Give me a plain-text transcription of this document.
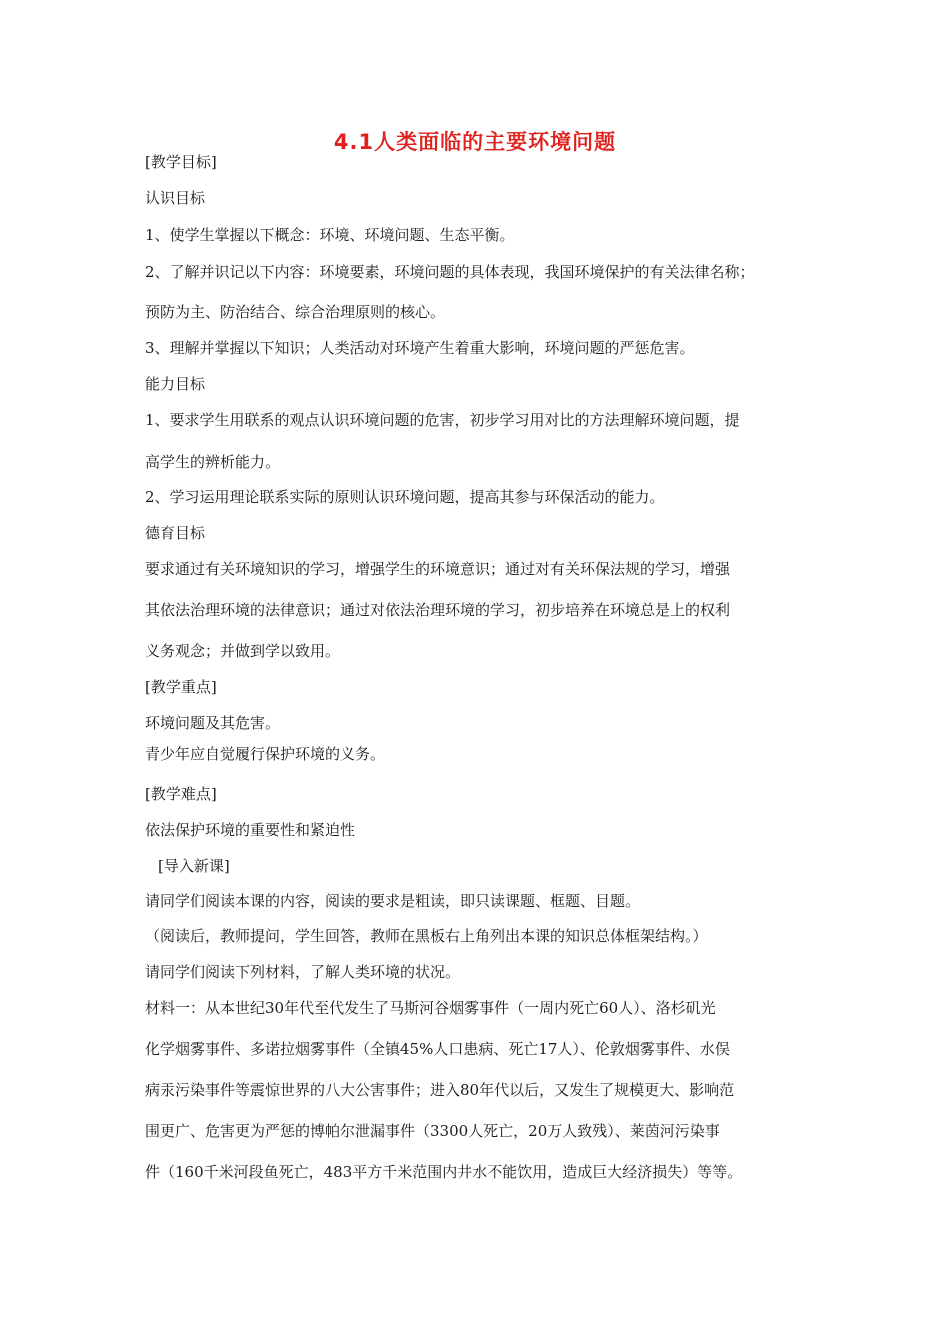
4.1人类面临的主要环境问题
[教学目标]
认识目标
1、使学生掌握以下概念：环境、环境问题、生态平衡。
2、了解并识记以下内容：环境要素，环境问题的具体表现，我国环境保护的有关法律名称；
预防为主、防治结合、综合治理原则的核心。
3、理解并掌握以下知识；人类活动对环境产生着重大影响，环境问题的严惩危害。
能力目标
1、要求学生用联系的观点认识环境问题的危害，初步学习用对比的方法理解环境问题，提
高学生的辨析能力。
2、学习运用理论联系实际的原则认识环境问题，提高其参与环保活动的能力。
德育目标
要求通过有关环境知识的学习，增强学生的环境意识；通过对有关环保法规的学习，增强
其依法治理环境的法律意识；通过对依法治理环境的学习，初步培养在环境总是上的权利
义务观念；并做到学以致用。
[教学重点]
环境问题及其危害。
青少年应自觉履行保护环境的义务。
[教学难点]
依法保护环境的重要性和紧迫性
[导入新课]
请同学们阅读本课的内容，阅读的要求是粗读，即只读课题、框题、目题。
（阅读后，教师提问，学生回答，教师在黑板右上角列出本课的知识总体框架结构。）
请同学们阅读下列材料，了解人类环境的状况。
材料一：从本世纪30年代至代发生了马斯河谷烟雾事件（一周内死亡60人）、洛杉矶光
化学烟雾事件、多诺拉烟雾事件（全镇45%人口患病、死亡17人）、伦敦烟雾事件、水俣
病汞污染事件等震惊世界的八大公害事件；进入80年代以后，又发生了规模更大、影响范
围更广、危害更为严惩的博帕尔泄漏事件（3300人死亡，20万人致残）、莱茵河污染事
件（160千米河段鱼死亡，483平方千米范围内井水不能饮用，造成巨大经济损失）等等。
